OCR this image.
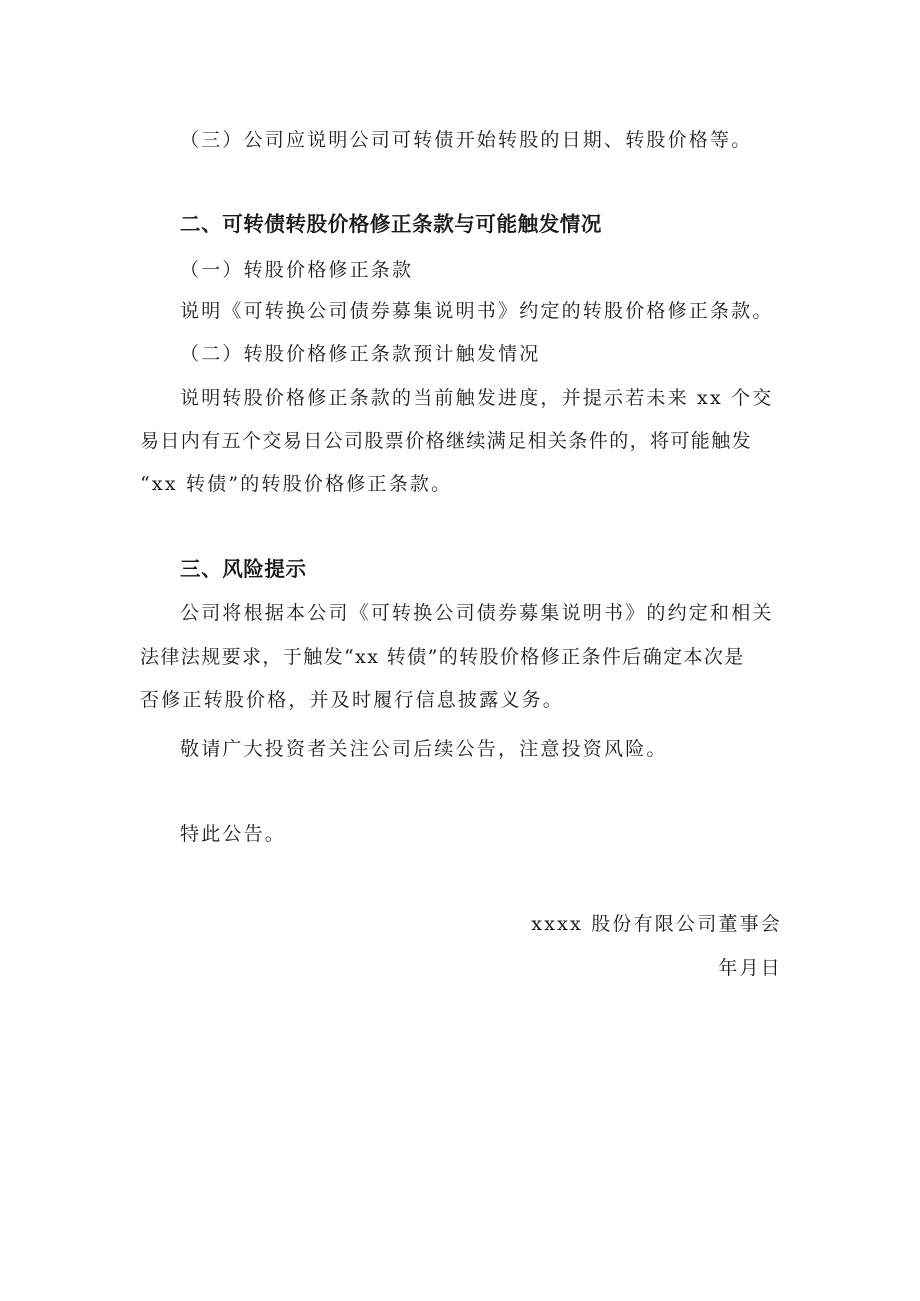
（三）公司应说明公司可转债开始转股的日期、转股价格等。
二、可转债转股价格修正条款与可能触发情况
（一）转股价格修正条款
说明《可转换公司债券募集说明书》约定的转股价格修正条款。
（二）转股价格修正条款预计触发情况
说明转股价格修正条款的当前触发进度，并提示若未来 xx 个交
易日内有五个交易日公司股票价格继续满足相关条件的，将可能触发
“xx 转债”的转股价格修正条款。
三、风险提示
公司将根据本公司《可转换公司债券募集说明书》的约定和相关
法律法规要求，于触发“xx 转债”的转股价格修正条件后确定本次是
否修正转股价格，并及时履行信息披露义务。
敬请广大投资者关注公司后续公告，注意投资风险。
特此公告。
xxxx 股份有限公司董事会
年月日
